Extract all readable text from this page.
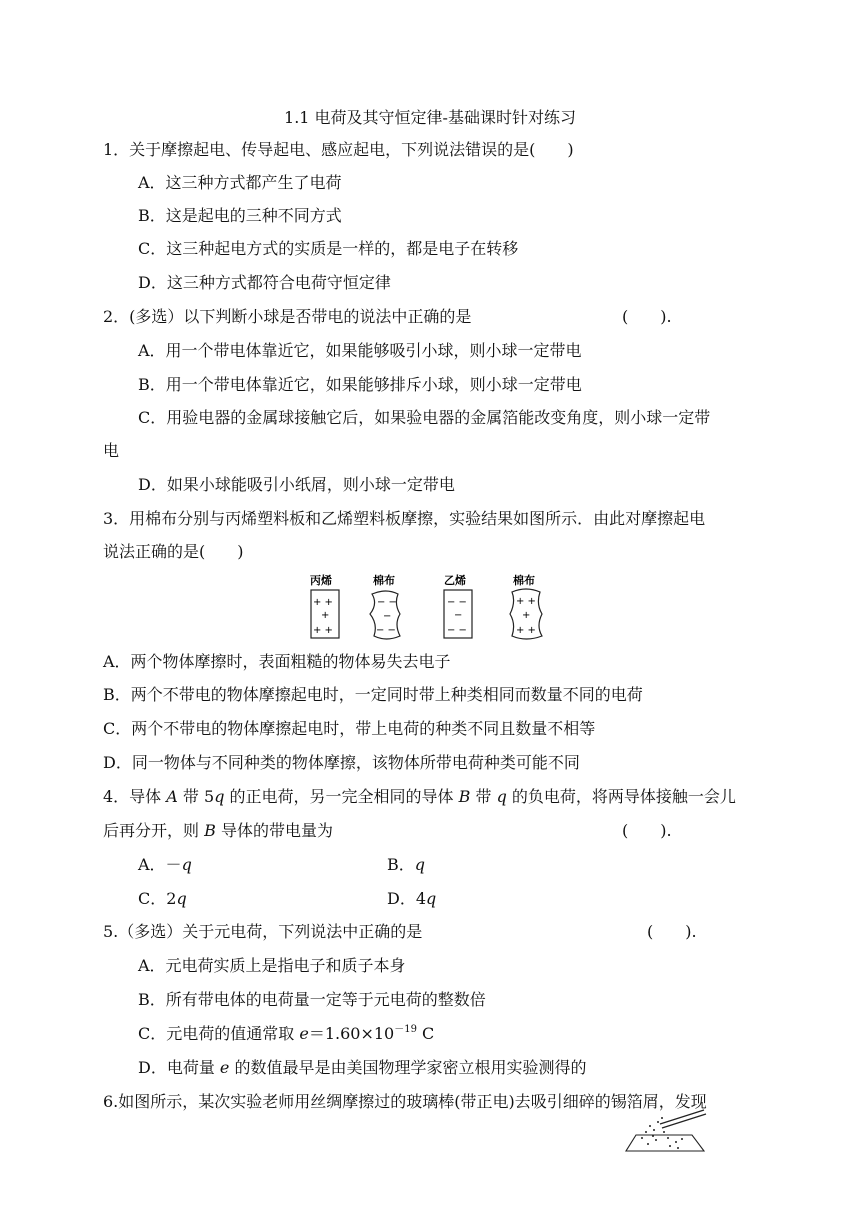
1.1 电荷及其守恒定律-基础课时针对练习
1．关于摩擦起电、传导起电、感应起电，下列说法错误的是(　　)
A．这三种方式都产生了电荷
B．这是起电的三种不同方式
C．这三种起电方式的实质是一样的，都是电子在转移
D．这三种方式都符合电荷守恒定律
2．(多选）以下判断小球是否带电的说法中正确的是	(　　).
A．用一个带电体靠近它，如果能够吸引小球，则小球一定带电
B．用一个带电体靠近它，如果能够排斥小球，则小球一定带电
C．用验电器的金属球接触它后，如果验电器的金属箔能改变角度，则小球一定带
电
D．如果小球能吸引小纸屑，则小球一定带电
3．用棉布分别与丙烯塑料板和乙烯塑料板摩擦，实验结果如图所示．由此对摩擦起电
说法正确的是(　　)
丙烯	棉布	乙烯	棉布
+ +
+
+ +
− −
−
− −
− −
−
− −
+ +
+
+ +
A．两个物体摩擦时，表面粗糙的物体易失去电子
B．两个不带电的物体摩擦起电时，一定同时带上种类相同而数量不同的电荷
C．两个不带电的物体摩擦起电时，带上电荷的种类不同且数量不相等
D．同一物体与不同种类的物体摩擦，该物体所带电荷种类可能不同
4．导体 A 带 5q 的正电荷，另一完全相同的导体 B 带 q 的负电荷，将两导体接触一会儿
后再分开，则 B 导体的带电量为	(　　).
A．－q	B．q
C．2q	D．4q
5.（多选）关于元电荷，下列说法中正确的是	(　　).
A．元电荷实质上是指电子和质子本身
B．所有带电体的电荷量一定等于元电荷的整数倍
C．元电荷的值通常取 $e=1.60\times 10^{-19}$ C
D．电荷量 e 的数值最早是由美国物理学家密立根用实验测得的
6.如图所示，某次实验老师用丝绸摩擦过的玻璃棒(带正电)去吸引细碎的锡箔屑，发现
